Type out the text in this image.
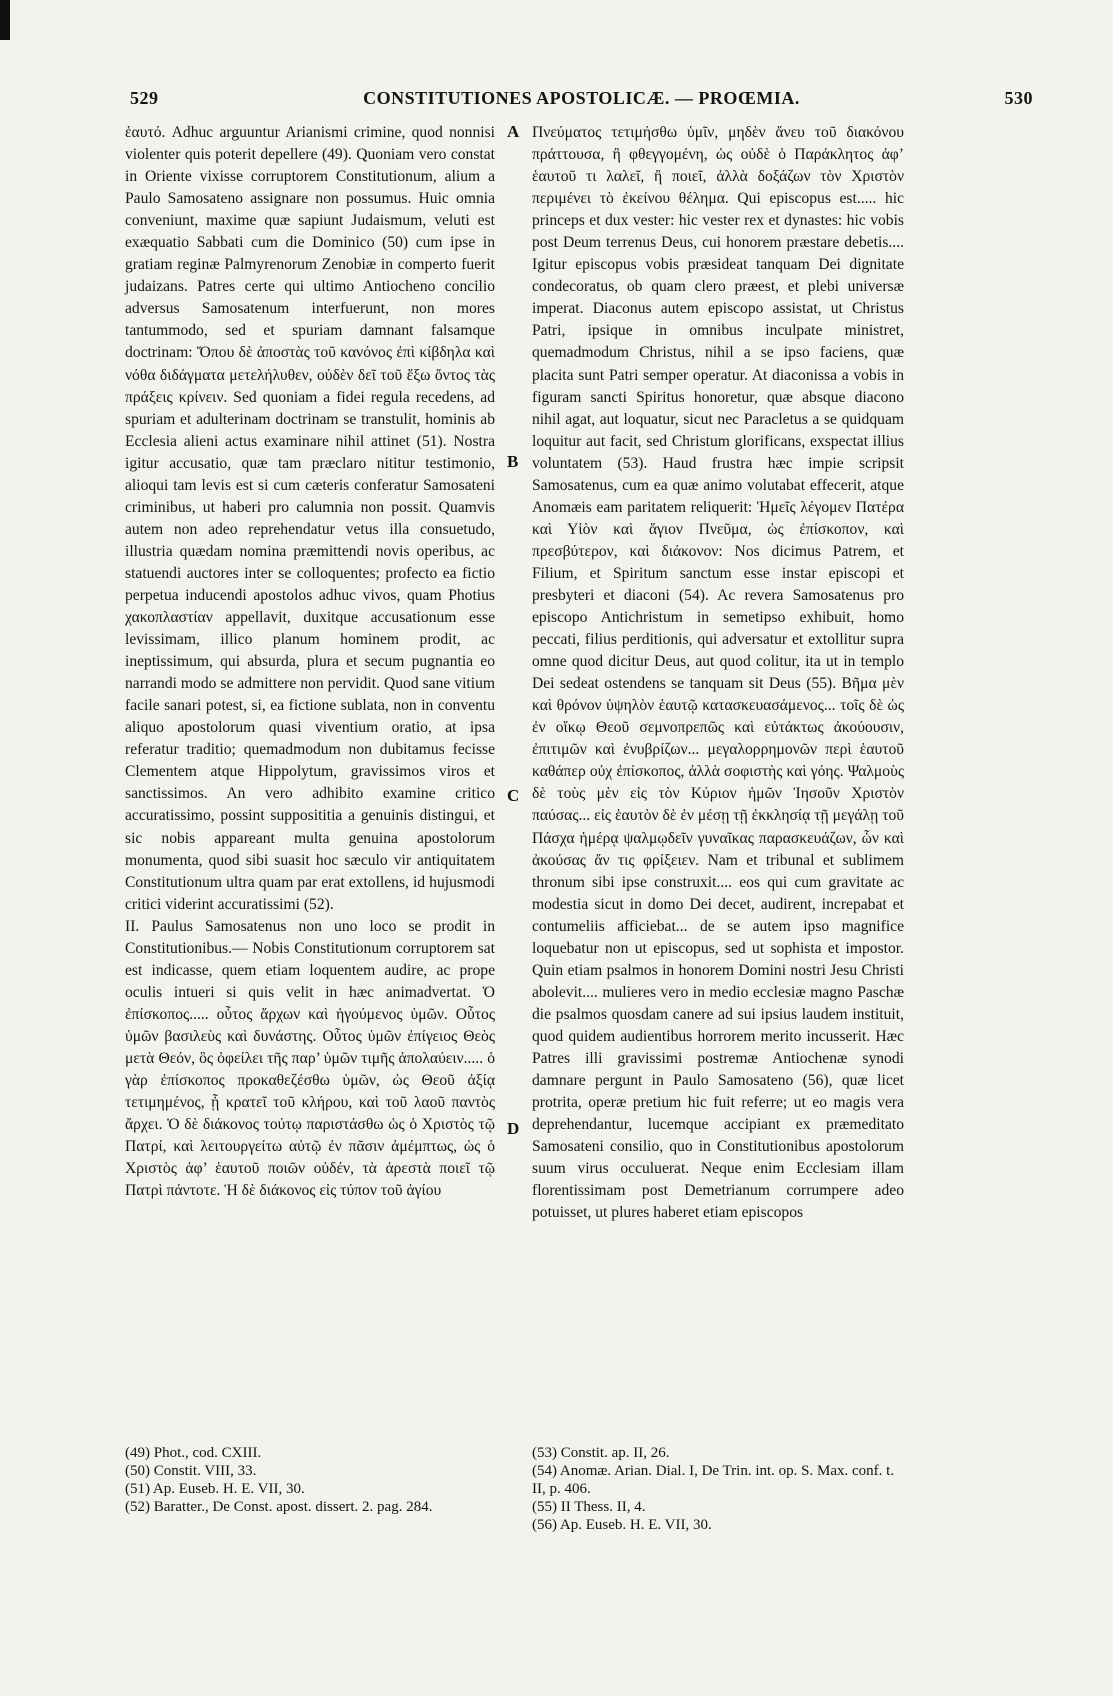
529	CONSTITUTIONES APOSTOLICÆ. — PROŒMIA.	530

ἑαυτό. Adhuc arguuntur Arianismi crimine, quod nonnisi violenter quis poterit depellere (49). Quoniam vero constat in Oriente vixisse corruptorem Constitutionum, alium a Paulo Samosateno assignare non possumus. Huic omnia conveniunt, maxime quæ sapiunt Judaismum, veluti est exæquatio Sabbati cum die Dominico (50) cum ipse in gratiam reginæ Palmyrenorum Zenobiæ in comperto fuerit judaizans. Patres certe qui ultimo Antiocheno concilio adversus Samosatenum interfuerunt, non mores tantummodo, sed et spuriam damnant falsamque doctrinam: Ὅπου δὲ ἀποστὰς τοῦ κανόνος ἐπὶ κίβδηλα καὶ νόθα διδάγματα μετελήλυθεν, οὐδὲν δεῖ τοῦ ἔξω ὄντος τὰς πράξεις κρίνειν. Sed quoniam a fidei regula recedens, ad spuriam et adulterinam doctrinam se transtulit, hominis ab Ecclesia alieni actus examinare nihil attinet (51). Nostra igitur accusatio, quæ tam præclaro nititur testimonio, alioqui tam levis est si cum cæteris conferatur Samosateni criminibus, ut haberi pro calumnia non possit. Quamvis autem non adeo reprehendatur vetus illa consuetudo, illustria quædam nomina præmittendi novis operibus, ac statuendi auctores inter se colloquentes; profecto ea fictio perpetua inducendi apostolos adhuc vivos, quam Photius χακοπλαστίαν appellavit, duxitque accusationum esse levissimam, illico planum hominem prodit, ac ineptissimum, qui absurda, plura et secum pugnantia eo narrandi modo se admittere non pervidit. Quod sane vitium facile sanari potest, si, ea fictione sublata, non in conventu aliquo apostolorum quasi viventium oratio, at ipsa referatur traditio; quemadmodum non dubitamus fecisse Clementem atque Hippolytum, gravissimos viros et sanctissimos. An vero adhibito examine critico accuratissimo, possint supposititia a genuinis distingui, et sic nobis appareant multa genuina apostolorum monumenta, quod sibi suasit hoc sæculo vir antiquitatem Constitutionum ultra quam par erat extollens, id hujusmodi critici viderint accuratissimi (52).

II. Paulus Samosatenus non uno loco se prodit in Constitutionibus.— Nobis Constitutionum corruptorem sat est indicasse, quem etiam loquentem audire, ac prope oculis intueri si quis velit in hæc animadvertat. Ὁ ἐπίσκοπος..... οὗτος ἄρχων καὶ ἡγούμενος ὑμῶν. Οὗτος ὑμῶν βασιλεὺς καὶ δυνάστης. Οὗτος ὑμῶν ἐπίγειος Θεὸς μετὰ Θεόν, ὃς ὀφείλει τῆς παρ’ ὑμῶν τιμῆς ἀπολαύειν..... ὁ γὰρ ἐπίσκοπος προκαθεζέσθω ὑμῶν, ὡς Θεοῦ ἀξίᾳ τετιμημένος, ᾗ κρατεῖ τοῦ κλήρου, καὶ τοῦ λαοῦ παντὸς ἄρχει. Ὁ δὲ διάκονος τούτῳ παριστάσθω ὡς ὁ Χριστὸς τῷ Πατρί, καὶ λειτουργείτω αὐτῷ ἐν πᾶσιν ἀμέμπτως, ὡς ὁ Χριστὸς ἀφ’ ἑαυτοῦ ποιῶν οὐδέν, τὰ ἀρεστὰ ποιεῖ τῷ Πατρὶ πάντοτε. Ἡ δὲ διάκονος εἰς τύπον τοῦ ἁγίου

A
B
C
D

Πνεύματος τετιμήσθω ὑμῖν, μηδὲν ἄνευ τοῦ διακόνου πράττουσα, ἢ φθεγγομένη, ὡς οὐδὲ ὁ Παράκλητος ἀφ’ ἑαυτοῦ τι λαλεῖ, ἢ ποιεῖ, ἀλλὰ δοξάζων τὸν Χριστὸν περιμένει τὸ ἐκείνου θέλημα. Qui episcopus est..... hic princeps et dux vester: hic vester rex et dynastes: hic vobis post Deum terrenus Deus, cui honorem præstare debetis.... Igitur episcopus vobis præsideat tanquam Dei dignitate condecoratus, ob quam clero præest, et plebi universæ imperat. Diaconus autem episcopo assistat, ut Christus Patri, ipsique in omnibus inculpate ministret, quemadmodum Christus, nihil a se ipso faciens, quæ placita sunt Patri semper operatur. At diaconissa a vobis in figuram sancti Spiritus honoretur, quæ absque diacono nihil agat, aut loquatur, sicut nec Paracletus a se quidquam loquitur aut facit, sed Christum glorificans, exspectat illius voluntatem (53). Haud frustra hæc impie scripsit Samosatenus, cum ea quæ animo volutabat effecerit, atque Anomæis eam paritatem reliquerit: Ἡμεῖς λέγομεν Πατέρα καὶ Υἱὸν καὶ ἅγιον Πνεῦμα, ὡς ἐπίσκοπον, καὶ πρεσβύτερον, καὶ διάκονον: Nos dicimus Patrem, et Filium, et Spiritum sanctum esse instar episcopi et presbyteri et diaconi (54). Ac revera Samosatenus pro episcopo Antichristum in semetipso exhibuit, homo peccati, filius perditionis, qui adversatur et extollitur supra omne quod dicitur Deus, aut quod colitur, ita ut in templo Dei sedeat ostendens se tanquam sit Deus (55). Βῆμα μὲν καὶ θρόνον ὑψηλὸν ἑαυτῷ κατασκευασάμενος... τοῖς δὲ ὡς ἐν οἴκῳ Θεοῦ σεμνοπρεπῶς καὶ εὐτάκτως ἀκούουσιν, ἐπιτιμῶν καὶ ἐνυβρίζων... μεγαλορρημονῶν περὶ ἑαυτοῦ καθάπερ οὐχ ἐπίσκοπος, ἀλλὰ σοφιστὴς καὶ γόης. Ψαλμοὺς δὲ τοὺς μὲν εἰς τὸν Κύριον ἡμῶν Ἰησοῦν Χριστὸν παύσας... εἰς ἑαυτὸν δὲ ἐν μέσῃ τῇ ἐκκλησίᾳ τῇ μεγάλῃ τοῦ Πάσχα ἡμέρᾳ ψαλμῳδεῖν γυναῖκας παρασκευάζων, ὧν καὶ ἀκούσας ἄν τις φρίξειεν. Nam et tribunal et sublimem thronum sibi ipse construxit.... eos qui cum gravitate ac modestia sicut in domo Dei decet, audirent, increpabat et contumeliis afficiebat... de se autem ipso magnifice loquebatur non ut episcopus, sed ut sophista et impostor. Quin etiam psalmos in honorem Domini nostri Jesu Christi abolevit.... mulieres vero in medio ecclesiæ magno Paschæ die psalmos quosdam canere ad sui ipsius laudem instituit, quod quidem audientibus horrorem merito incusserit. Hæc Patres illi gravissimi postremæ Antiochenæ synodi damnare pergunt in Paulo Samosateno (56), quæ licet protrita, operæ pretium hic fuit referre; ut eo magis vera deprehendantur, lucemque accipiant ex præmeditato Samosateni consilio, quo in Constitutionibus apostolorum suum virus occuluerat. Neque enim Ecclesiam illam florentissimam post Demetrianum corrumpere adeo potuisset, ut plures haberet etiam episcopos

(49) Phot., cod. CXIII.

(50) Constit. VIII, 33.

(51) Ap. Euseb. H. E. VII, 30.

(52) Baratter., De Const. apost. dissert. 2. pag. 284.

(53) Constit. ap. II, 26.

(54) Anomæ. Arian. Dial. I, De Trin. int. op. S. Max. conf. t. II, p. 406.

(55) II Thess. II, 4.

(56) Ap. Euseb. H. E. VII, 30.
